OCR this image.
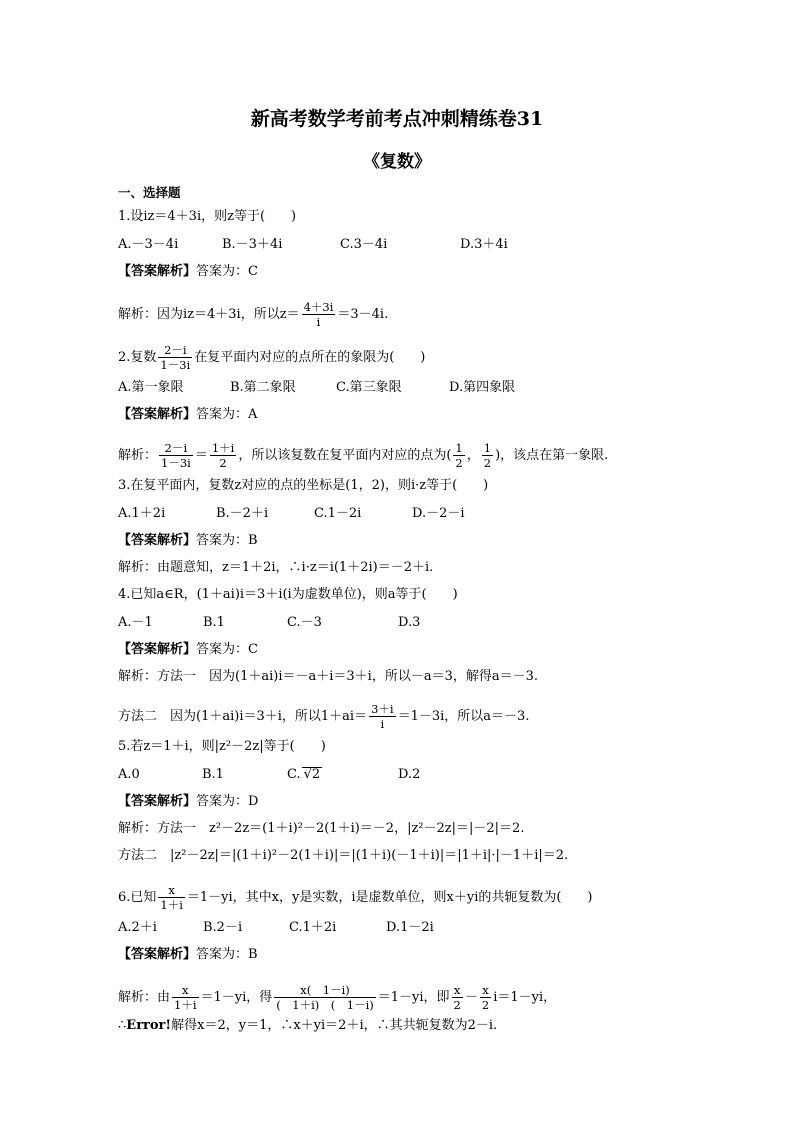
新高考数学考前考点冲刺精练卷31
《复数》
一、选择题
1.设iz＝4＋3i，则z等于(　　)
A.－3－4i	B.－3＋4i	C.3－4i	D.3＋4i
【答案解析】答案为：C
解析：因为iz＝4＋3i，所以$z= \frac{4+3i}{i} =3-4i$.
2.复数 $\frac{2-i}{1-3i}$ 在复平面内对应的点所在的象限为(　　)
A.第一象限	B.第二象限	C.第三象限	D.第四象限
【答案解析】答案为：A
解析： $\frac{2-i}{1-3i} = \frac{1+i}{2}$ ，所以该复数在复平面内对应的点为( $\frac{1}{2}$ ， $\frac{1}{2}$ )，该点在第一象限.
3.在复平面内，复数z对应的点的坐标是(1，2)，则i·z等于(　　)
A.1＋2i	B.－2＋i	C.1－2i	D.－2－i
【答案解析】答案为：B
解析：由题意知，z＝1＋2i，∴i·z＝i(1＋2i)＝－2＋i.
4.已知a∈R，(1＋ai)i＝3＋i(i为虚数单位)，则a等于(　　)
A.－1	B.1	C.－3	D.3
【答案解析】答案为：C
解析：方法一　因为(1＋ai)i＝－a＋i＝3＋i，所以－a＝3，解得a＝－3.
方法二　因为(1＋ai)i＝3＋i，所以$1+ai= \frac{3+i}{i} =1-3i$，所以a＝－3.
5.若z＝1＋i，则|z²－2z|等于(　　)
A.0	B.1	C. √2	D.2
【答案解析】答案为：D
解析：方法一　z²－2z＝(1＋i)²－2(1＋i)＝－2，|z²－2z|＝|－2|＝2.
方法二　|z²－2z|＝|(1＋i)²－2(1＋i)|＝|(1＋i)(－1＋i)|＝|1＋i|·|－1＋i|＝2.
6.已知 $\frac{x}{1+i} =1-yi$，其中x，y是实数，i是虚数单位，则x＋yi的共轭复数为(　　)
A.2＋i	B.2－i	C.1＋2i	D.1－2i
【答案解析】答案为：B
解析：由 $\frac{x}{1+i} =1-yi$，得 $\frac{x( 1-i)}{( 1+i) ( 1-i)} =1-yi$，即 $\frac{x}{2} - \frac{x}{2} i=1-yi$，
∴Error!解得x＝2，y＝1，∴x＋yi＝2＋i，∴其共轭复数为2－i.
